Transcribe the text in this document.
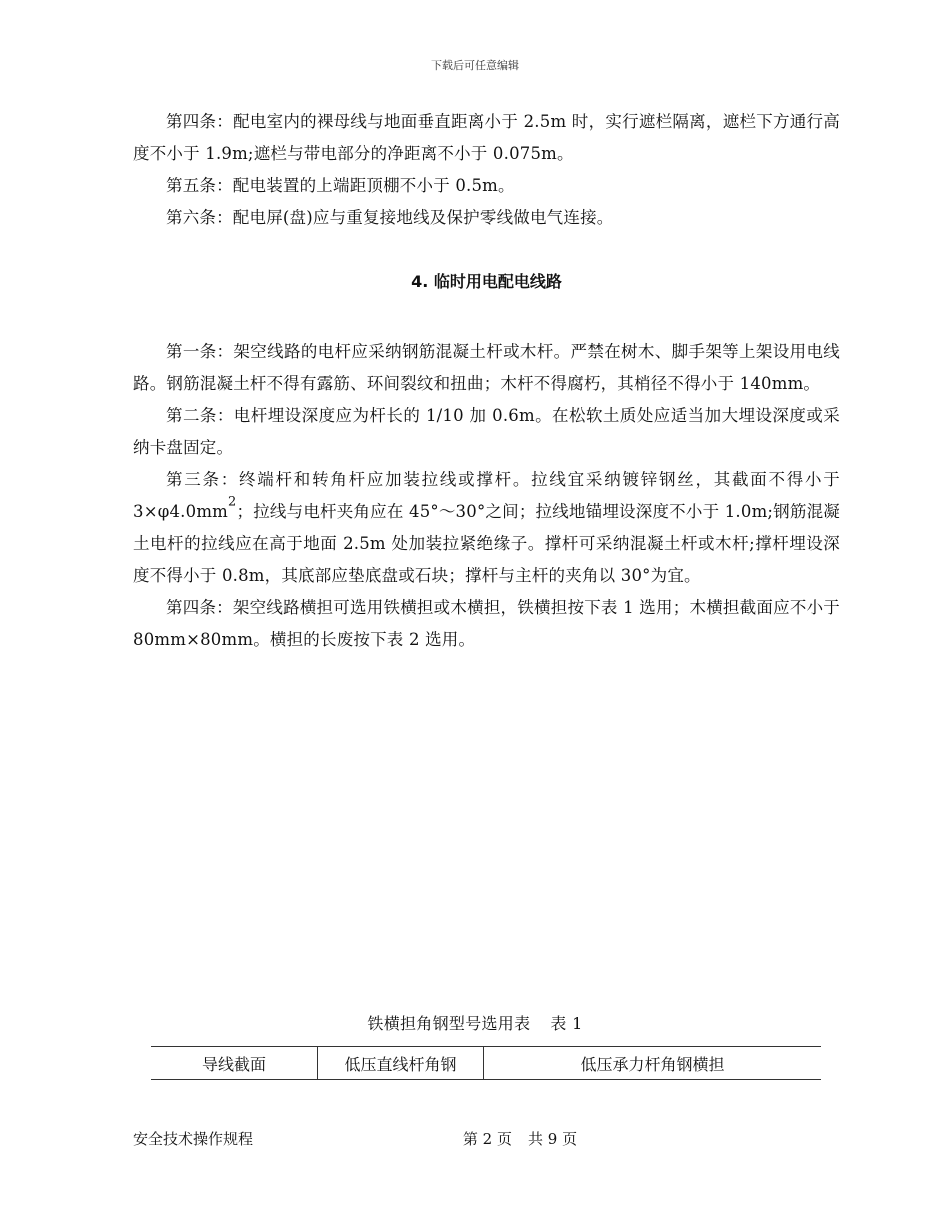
下载后可任意编辑

第四条：配电室内的裸母线与地面垂直距离小于 2.5m 时，实行遮栏隔离，遮栏下方通行高度不小于 1.9m;遮栏与带电部分的净距离不小于 0.075m。

第五条：配电装置的上端距顶棚不小于 0.5m。

第六条：配电屏(盘)应与重复接地线及保护零线做电气连接。

4. 临时用电配电线路

第一条：架空线路的电杆应采纳钢筋混凝土杆或木杆。严禁在树木、脚手架等上架设用电线路。钢筋混凝土杆不得有露筋、环间裂纹和扭曲；木杆不得腐朽，其梢径不得小于 140mm。

第二条：电杆埋设深度应为杆长的 1/10 加 0.6m。在松软土质处应适当加大埋设深度或采纳卡盘固定。

第三条：终端杆和转角杆应加装拉线或撑杆。拉线宜采纳镀锌钢丝，其截面不得小于 $3\times\varphi 4.0mm^2$；拉线与电杆夹角应在 45°～30°之间；拉线地锚埋设深度不小于 1.0m;钢筋混凝土电杆的拉线应在高于地面 2.5m 处加装拉紧绝缘子。撑杆可采纳混凝土杆或木杆;撑杆埋设深度不得小于 0.8m，其底部应垫底盘或石块；撑杆与主杆的夹角以 30°为宜。

第四条：架空线路横担可选用铁横担或木横担，铁横担按下表 1 选用；木横担截面应不小于 80mm×80mm。横担的长废按下表 2 选用。

铁横担角钢型号选用表 表 1
导线截面	低压直线杆角钢	低压承力杆角钢横担
安全技术操作规程	第 2 页 共 9 页
